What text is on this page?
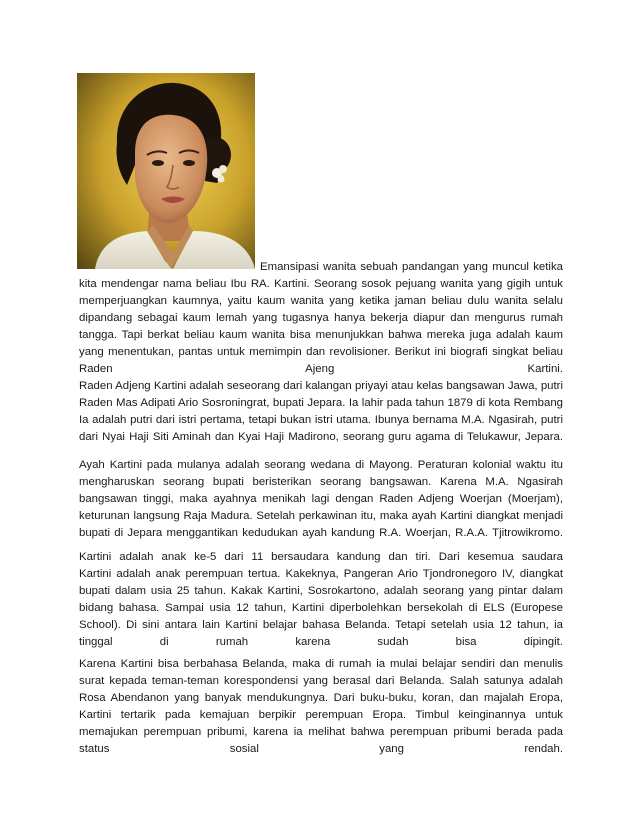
Emansipasi wanita sebuah pandangan yang muncul ketika
kita mendengar nama beliau Ibu RA. Kartini. Seorang sosok pejuang wanita yang gigih untuk
memperjuangkan kaumnya, yaitu kaum wanita yang ketika jaman beliau dulu wanita selalu
dipandang sebagai kaum lemah yang tugasnya hanya bekerja diapur dan mengurus rumah
tangga. Tapi berkat beliau kaum wanita bisa menunjukkan bahwa mereka juga adalah kaum
yang menentukan, pantas untuk memimpin dan revolisioner. Berikut ini biografi singkat beliau
Raden Ajeng Kartini.
Raden Adjeng Kartini adalah seseorang dari kalangan priyayi atau kelas bangsawan Jawa, putri
Raden Mas Adipati Ario Sosroningrat, bupati Jepara. Ia lahir pada tahun 1879 di kota Rembang
Ia adalah putri dari istri pertama, tetapi bukan istri utama. Ibunya bernama M.A. Ngasirah, putri
dari Nyai Haji Siti Aminah dan Kyai Haji Madirono, seorang guru agama di Telukawur, Jepara.
Ayah Kartini pada mulanya adalah seorang wedana di Mayong. Peraturan kolonial waktu itu
mengharuskan seorang bupati beristerikan seorang bangsawan. Karena M.A. Ngasirah
bangsawan tinggi, maka ayahnya menikah lagi dengan Raden Adjeng Woerjan (Moerjam),
keturunan langsung Raja Madura. Setelah perkawinan itu, maka ayah Kartini diangkat menjadi
bupati di Jepara menggantikan kedudukan ayah kandung R.A. Woerjan, R.A.A. Tjitrowikromo.
Kartini adalah anak ke-5 dari 11 bersaudara kandung dan tiri. Dari kesemua saudara
Kartini adalah anak perempuan tertua. Kakeknya, Pangeran Ario Tjondronegoro IV, diangkat
bupati dalam usia 25 tahun. Kakak Kartini, Sosrokartono, adalah seorang yang pintar dalam
bidang bahasa. Sampai usia 12 tahun, Kartini diperbolehkan bersekolah di ELS (Europese
School). Di sini antara lain Kartini belajar bahasa Belanda. Tetapi setelah usia 12 tahun, ia
tinggal di rumah karena sudah bisa dipingit.
Karena Kartini bisa berbahasa Belanda, maka di rumah ia mulai belajar sendiri dan menulis
surat kepada teman-teman korespondensi yang berasal dari Belanda. Salah satunya adalah
Rosa Abendanon yang banyak mendukungnya. Dari buku-buku, koran, dan majalah Eropa,
Kartini tertarik pada kemajuan berpikir perempuan Eropa. Timbul keinginannya untuk
memajukan perempuan pribumi, karena ia melihat bahwa perempuan pribumi berada pada
status sosial yang rendah.
